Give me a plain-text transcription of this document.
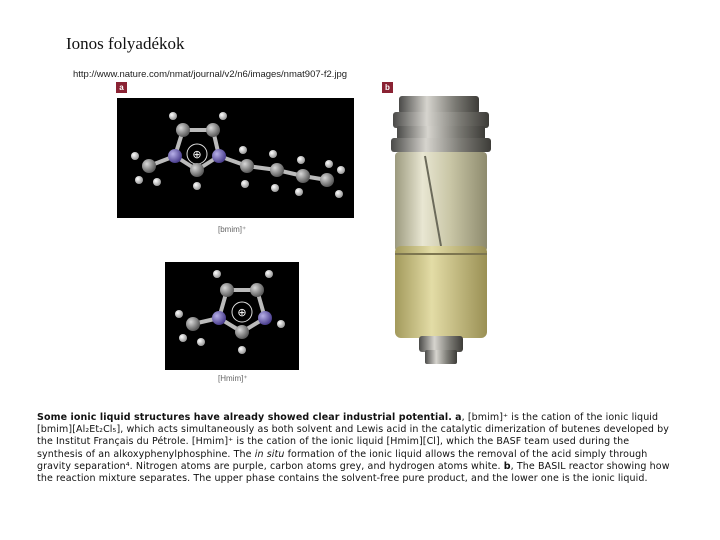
Ionos folyadékok
http://www.nature.com/nmat/journal/v2/n6/images/nmat907-f2.jpg
a
⊕
[bmim]⁺
⊕
[Hmim]⁺
b
Some ionic liquid structures have already showed clear industrial potential. a, [bmim]⁺ is the cation of the ionic liquid [bmim][Al₂Et₂Cl₅], which acts simultaneously as both solvent and Lewis acid in the catalytic dimerization of butenes developed by the Institut Français du Pétrole. [Hmim]⁺ is the cation of the ionic liquid [Hmim][Cl], which the BASF team used during the synthesis of an alkoxyphenylphosphine. The in situ formation of the ionic liquid allows the removal of the acid simply through gravity separation⁴. Nitrogen atoms are purple, carbon atoms grey, and hydrogen atoms white. b, The BASIL reactor showing how the reaction mixture separates. The upper phase contains the solvent-free pure product, and the lower one is the ionic liquid.
